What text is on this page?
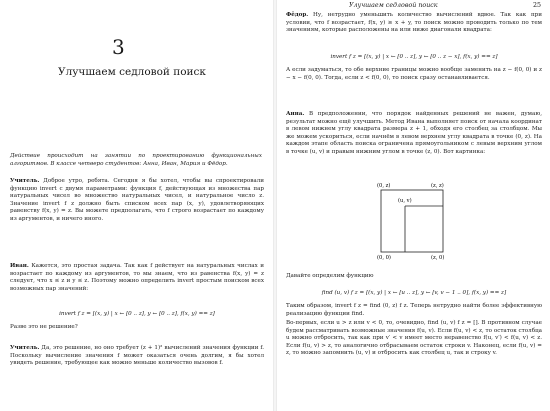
3
Улучшаем седловой поиск
Действие происходит на занятии по проектированию функциональных алгоритмов. В классе четверо студентов: Анна, Иван, Мария и Фёдор.
Учитель. Доброе утро, ребята. Сегодня я бы хотел, чтобы вы спроектировали функцию invert с двумя параметрами: функция f, действующая из множества пар натуральных чисел во множество натуральных чисел, и натуральное число z. Значение invert f z должно быть списком всех пар (x, y), удовлетворяющих равенству f(x, y) = z. Вы можете предполагать, что f строго возрастает по каждому из аргументов, и ничего иного.
Иван. Кажется, это простая задача. Так как f действует на натуральных числах и возрастает по каждому из аргументов, то мы знаем, что из равенства f(x, y) = z следует, что x ≤ z и y ≤ z. Поэтому можно определить invert простым поиском всех возможных пар значений:
invert f z = [(x, y) | x ← [0 .. z], y ← [0 .. z], f(x, y) == z]
Разве это не решение?
Учитель. Да, это решение, но оно требует (z + 1)² вычислений значения функции f. Поскольку вычисление значения f может оказаться очень долгим, я бы хотел увидеть решение, требующее как можно меньше количество вызовов f.
Улучшаем седловой поиск	25
Фёдор. Ну, нетрудно уменьшить количество вычислений вдвое. Так как при условии, что f возрастает, f(x, y) ≥ x + y, то поиск можно проводить только по тем значениям, которые расположены на или ниже диагонали квадрата:
invert f z = [(x, y) | x ← [0 .. z], y ← [0 .. z − x], f(x, y) == z]
А если задуматься, то обе верхние границы можно вообще заменить на z − f(0, 0) и z − x − f(0, 0). Тогда, если z < f(0, 0), то поиск сразу останавливается.
Анна. В предположении, что порядок найденных решений не важен, думаю, результат можно ещё улучшить. Метод Ивана выполняет поиск от начала координат в левом нижнем углу квадрата размера z + 1, обходя его столбец за столбцом. Мы же можем ускориться, если начнём в левом верхнем углу квадрата в точке (0, z). На каждом этапе область поиска ограничена прямоугольником с левым верхним углом в точке (u, v) и правым нижним углом в точке (z, 0). Вот картинка:
Давайте определим функцию
find (u, v) f z = [(x, y) | x ← [u .. z], y ← [v, v − 1 .. 0], f(x, y) == z]
Таким образом, invert f z = find (0, z) f z. Теперь нетрудно найти более эффективную реализацию функции find.
Во-первых, если u > z или v < 0, то, очевидно, find (u, v) f z = []. В противном случае будем рассматривать возможные значения f(u, v). Если f(u, v) < z, то остаток столбца u можно отбросить, так как при v′ < v имеет место неравенство f(u, v′) < f(u, v) < z. Если f(u, v) > z, то аналогично отбрасываем остаток строки v. Наконец, если f(u, v) = z, то можно запомнить (u, v) и отбросить как столбец u, так и строку v.
(0, z)	(z, z)
(u, v)
(0, 0)	(z, 0)
